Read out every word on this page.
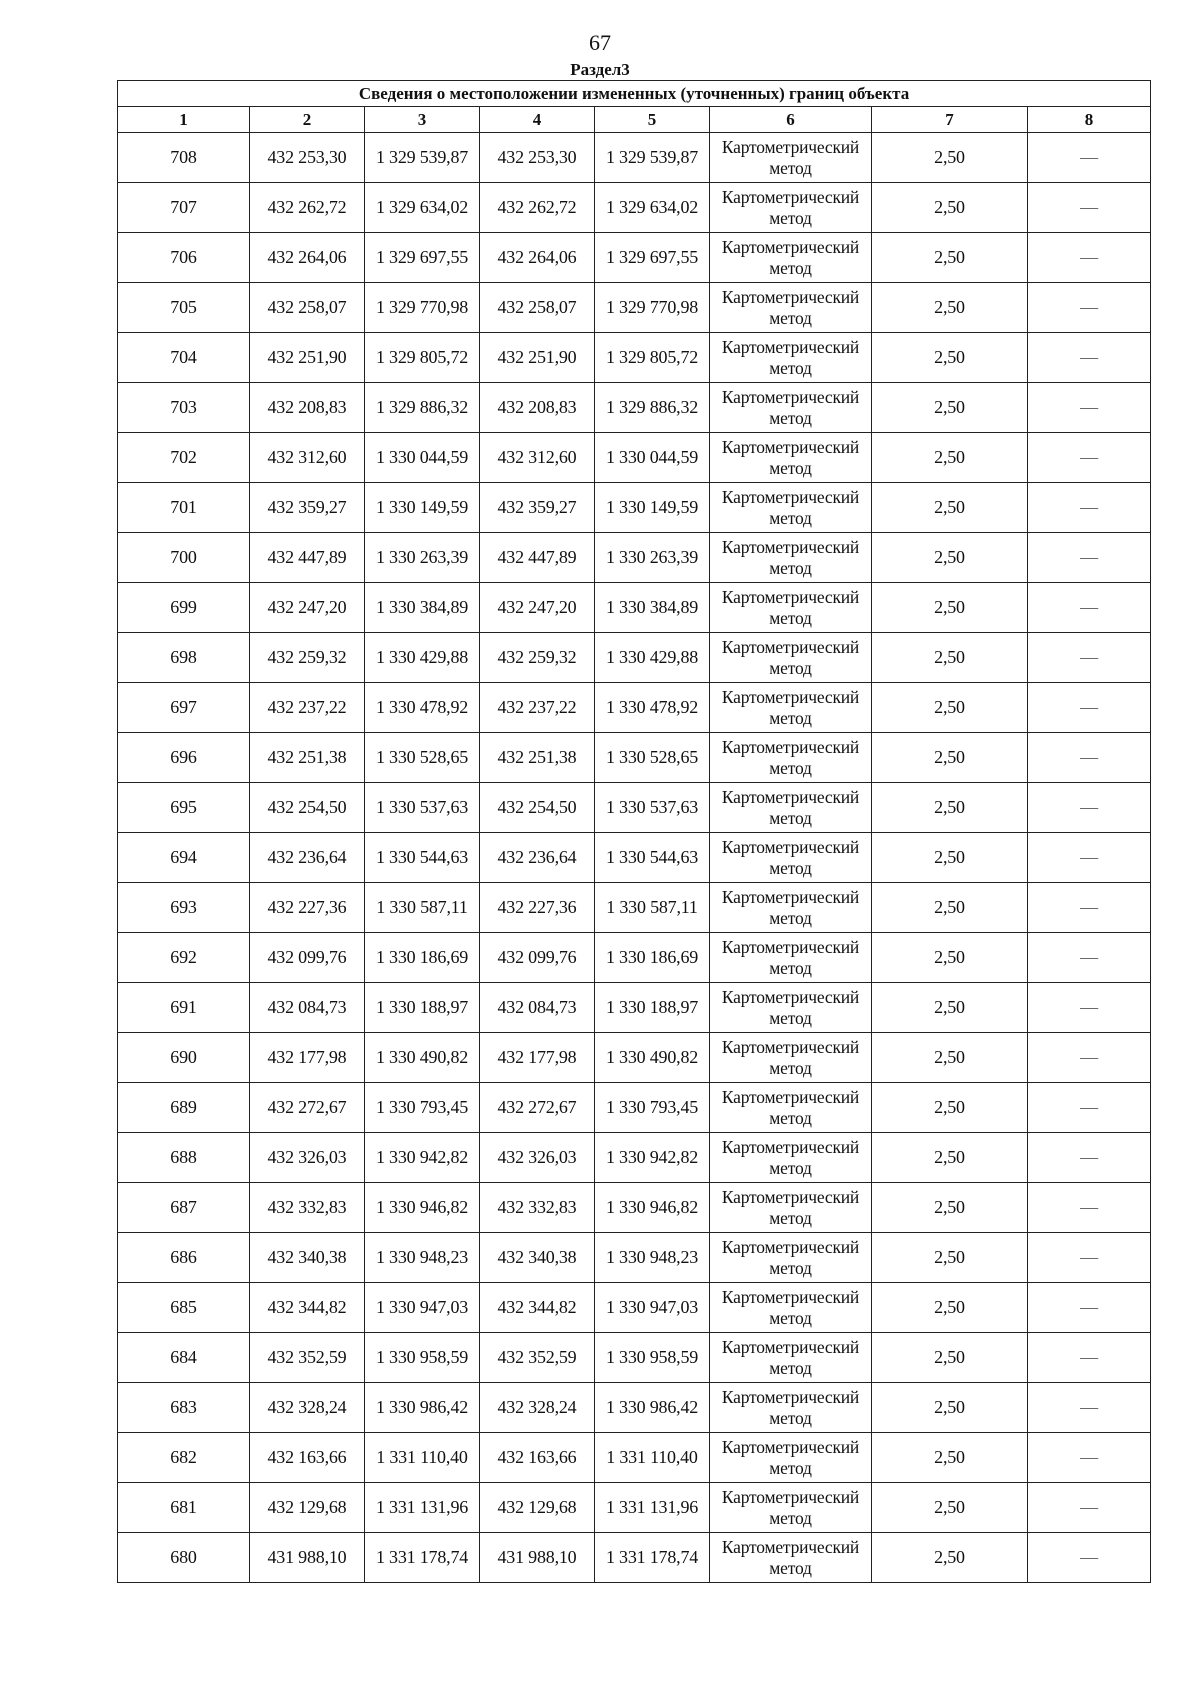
67
Раздел3
Сведения о местоположении измененных (уточненных) границ объекта							
1	2	3	4	5	6	7	8
708	432 253,30	1 329 539,87	432 253,30	1 329 539,87	Картометрический метод	2,50	—
707	432 262,72	1 329 634,02	432 262,72	1 329 634,02	Картометрический метод	2,50	—
706	432 264,06	1 329 697,55	432 264,06	1 329 697,55	Картометрический метод	2,50	—
705	432 258,07	1 329 770,98	432 258,07	1 329 770,98	Картометрический метод	2,50	—
704	432 251,90	1 329 805,72	432 251,90	1 329 805,72	Картометрический метод	2,50	—
703	432 208,83	1 329 886,32	432 208,83	1 329 886,32	Картометрический метод	2,50	—
702	432 312,60	1 330 044,59	432 312,60	1 330 044,59	Картометрический метод	2,50	—
701	432 359,27	1 330 149,59	432 359,27	1 330 149,59	Картометрический метод	2,50	—
700	432 447,89	1 330 263,39	432 447,89	1 330 263,39	Картометрический метод	2,50	—
699	432 247,20	1 330 384,89	432 247,20	1 330 384,89	Картометрический метод	2,50	—
698	432 259,32	1 330 429,88	432 259,32	1 330 429,88	Картометрический метод	2,50	—
697	432 237,22	1 330 478,92	432 237,22	1 330 478,92	Картометрический метод	2,50	—
696	432 251,38	1 330 528,65	432 251,38	1 330 528,65	Картометрический метод	2,50	—
695	432 254,50	1 330 537,63	432 254,50	1 330 537,63	Картометрический метод	2,50	—
694	432 236,64	1 330 544,63	432 236,64	1 330 544,63	Картометрический метод	2,50	—
693	432 227,36	1 330 587,11	432 227,36	1 330 587,11	Картометрический метод	2,50	—
692	432 099,76	1 330 186,69	432 099,76	1 330 186,69	Картометрический метод	2,50	—
691	432 084,73	1 330 188,97	432 084,73	1 330 188,97	Картометрический метод	2,50	—
690	432 177,98	1 330 490,82	432 177,98	1 330 490,82	Картометрический метод	2,50	—
689	432 272,67	1 330 793,45	432 272,67	1 330 793,45	Картометрический метод	2,50	—
688	432 326,03	1 330 942,82	432 326,03	1 330 942,82	Картометрический метод	2,50	—
687	432 332,83	1 330 946,82	432 332,83	1 330 946,82	Картометрический метод	2,50	—
686	432 340,38	1 330 948,23	432 340,38	1 330 948,23	Картометрический метод	2,50	—
685	432 344,82	1 330 947,03	432 344,82	1 330 947,03	Картометрический метод	2,50	—
684	432 352,59	1 330 958,59	432 352,59	1 330 958,59	Картометрический метод	2,50	—
683	432 328,24	1 330 986,42	432 328,24	1 330 986,42	Картометрический метод	2,50	—
682	432 163,66	1 331 110,40	432 163,66	1 331 110,40	Картометрический метод	2,50	—
681	432 129,68	1 331 131,96	432 129,68	1 331 131,96	Картометрический метод	2,50	—
680	431 988,10	1 331 178,74	431 988,10	1 331 178,74	Картометрический метод	2,50	—
